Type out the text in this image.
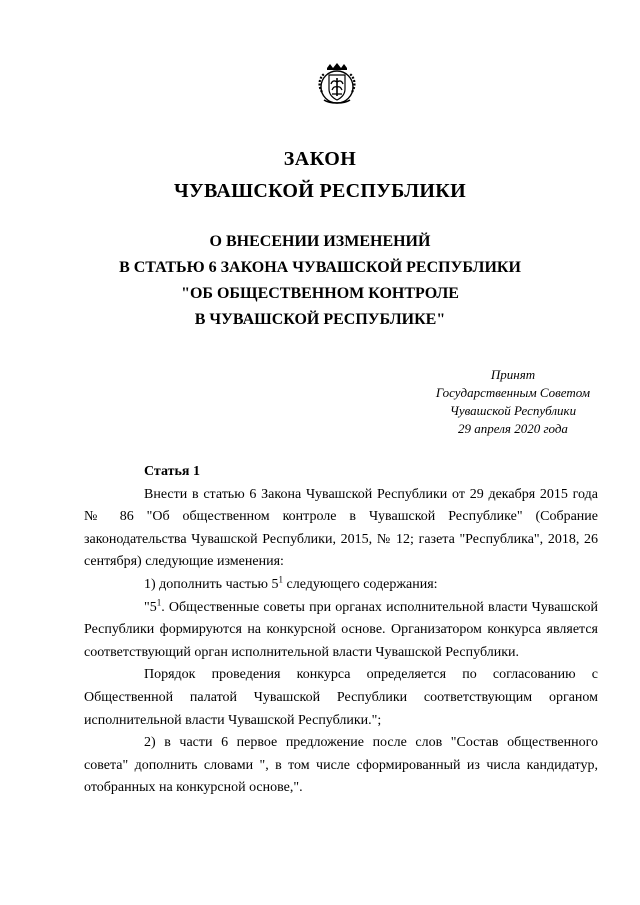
ЗАКОН
ЧУВАШСКОЙ РЕСПУБЛИКИ
О ВНЕСЕНИИ ИЗМЕНЕНИЙ
В СТАТЬЮ 6 ЗАКОНА ЧУВАШСКОЙ РЕСПУБЛИКИ
"ОБ ОБЩЕСТВЕННОМ КОНТРОЛЕ
В ЧУВАШСКОЙ РЕСПУБЛИКЕ"
Принят
Государственным Советом
Чувашской Республики
29 апреля 2020 года

Статья 1

Внести в статью 6 Закона Чувашской Республики от 29 декабря 2015 года № 86 "Об общественном контроле в Чувашской Республике" (Собрание законодательства Чувашской Республики, 2015, № 12; газета "Республика", 2018, 26 сентября) следующие изменения:

1) дополнить частью $5^1$ следующего содержания:

"$5^1$. Общественные советы при органах исполнительной власти Чувашской Республики формируются на конкурсной основе. Организатором конкурса является соответствующий орган исполнительной власти Чувашской Республики.

Порядок проведения конкурса определяется по согласованию с Общественной палатой Чувашской Республики соответствующим органом исполнительной власти Чувашской Республики.";

2) в части 6 первое предложение после слов "Состав общественного совета" дополнить словами ", в том числе сформированный из числа кандидатур, отобранных на конкурсной основе,".
